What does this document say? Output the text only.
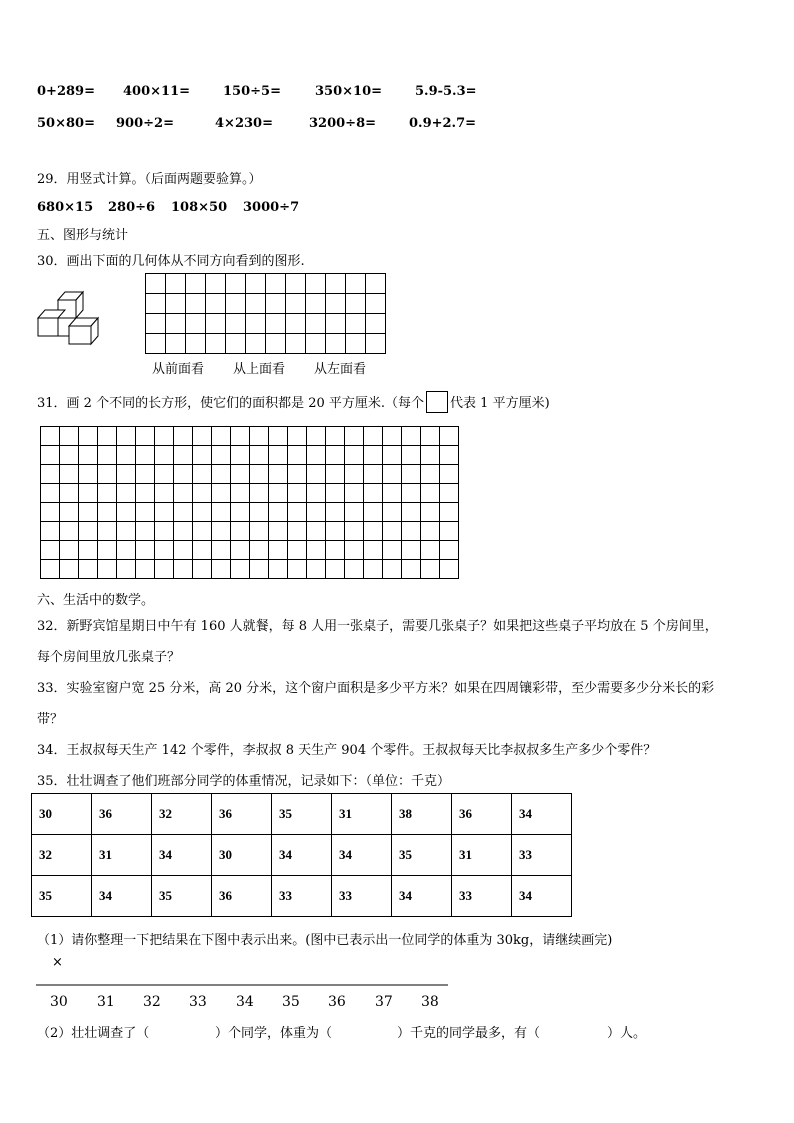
0+289= 400×11=	150÷5=	350×10=	5.9-5.3=
50×80= 900÷2=	4×230=	3200÷8=	0.9+2.7=
29．用竖式计算。（后面两题要验算。）
680×15 280÷6 108×50 3000÷7
五、图形与统计
30．画出下面的几何体从不同方向看到的图形.

从前面看 从上面看 从左面看
31．画 2 个不同的长方形，使它们的面积都是 20 平方厘米.（每个 代表 1 平方厘米)

六、生活中的数学。
32．新野宾馆星期日中午有 160 人就餐，每 8 人用一张桌子，需要几张桌子？如果把这些桌子平均放在 5 个房间里，
每个房间里放几张桌子？
33．实验室窗户宽 25 分米，高 20 分米，这个窗户面积是多少平方米？如果在四周镶彩带，至少需要多少分米长的彩
带？
34．王叔叔每天生产 142 个零件，李叔叔 8 天生产 904 个零件。王叔叔每天比李叔叔多生产多少个零件？
35．壮壮调查了他们班部分同学的体重情况，记录如下：（单位：千克）
30	36	32	36	35	31	38	36	34
32	31	34	30	34	34	35	31	33
35	34	35	36	33	33	34	33	34
（1）请你整理一下把结果在下图中表示出来。(图中已表示出一位同学的体重为 30kg，请继续画完)
×
30 31 32 33 34 35 36 37 38
（2）壮壮调查了（	）个同学，体重为（	）千克的同学最多，有（	）人。
